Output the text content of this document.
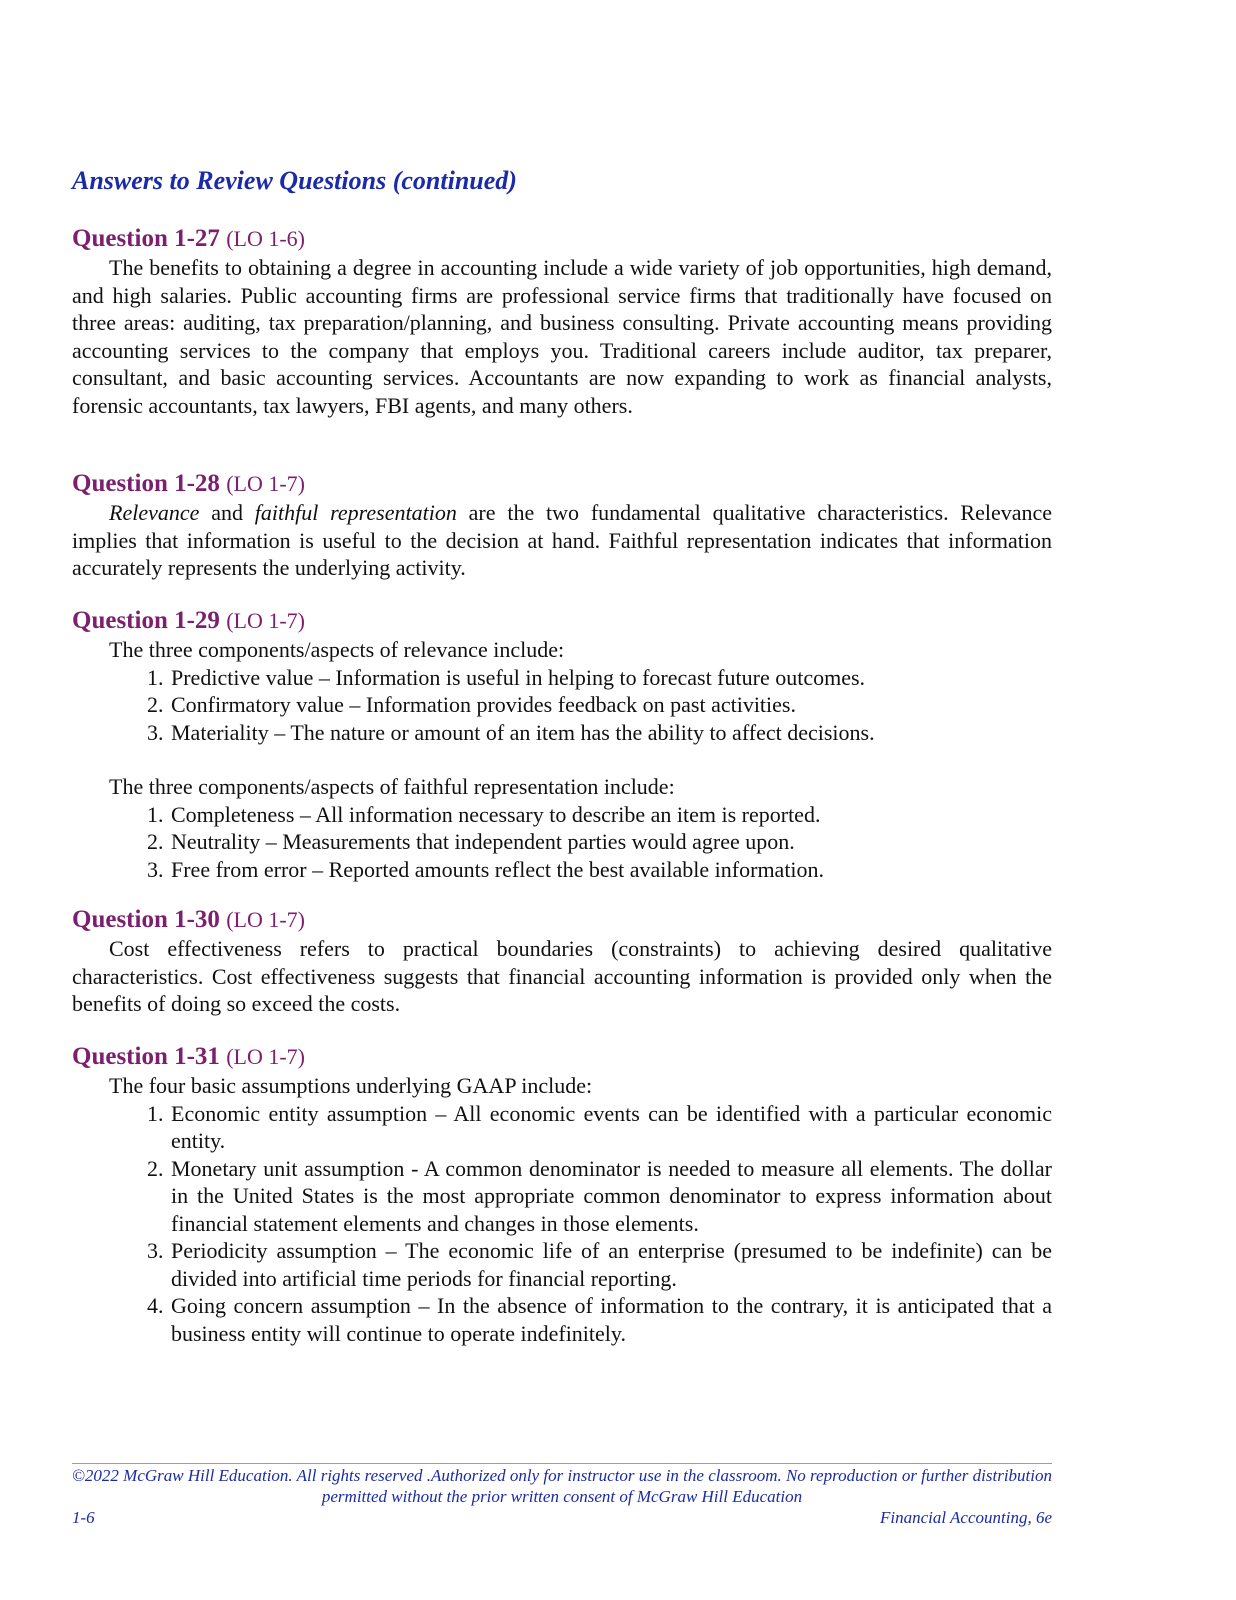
Answers to Review Questions (continued)

Question 1-27 (LO 1-6)

The benefits to obtaining a degree in accounting include a wide variety of job opportunities, high demand, and high salaries. Public accounting firms are professional service firms that traditionally have focused on three areas: auditing, tax preparation/planning, and business consulting. Private accounting means providing accounting services to the company that employs you. Traditional careers include auditor, tax preparer, consultant, and basic accounting services. Accountants are now expanding to work as financial analysts, forensic accountants, tax lawyers, FBI agents, and many others.

Question 1-28 (LO 1-7)

Relevance and faithful representation are the two fundamental qualitative characteristics. Relevance implies that information is useful to the decision at hand. Faithful representation indicates that information accurately represents the underlying activity.

Question 1-29 (LO 1-7)

The three components/aspects of relevance include:

1. Predictive value – Information is useful in helping to forecast future outcomes.
2. Confirmatory value – Information provides feedback on past activities.
3. Materiality – The nature or amount of an item has the ability to affect decisions.

The three components/aspects of faithful representation include:

1. Completeness – All information necessary to describe an item is reported.
2. Neutrality – Measurements that independent parties would agree upon.
3. Free from error – Reported amounts reflect the best available information.

Question 1-30 (LO 1-7)

Cost effectiveness refers to practical boundaries (constraints) to achieving desired qualitative characteristics. Cost effectiveness suggests that financial accounting information is provided only when the benefits of doing so exceed the costs.

Question 1-31 (LO 1-7)

The four basic assumptions underlying GAAP include:

1. Economic entity assumption – All economic events can be identified with a particular economic entity.
2. Monetary unit assumption - A common denominator is needed to measure all elements. The dollar in the United States is the most appropriate common denominator to express information about financial statement elements and changes in those elements.
3. Periodicity assumption – The economic life of an enterprise (presumed to be indefinite) can be divided into artificial time periods for financial reporting.
4. Going concern assumption – In the absence of information to the contrary, it is anticipated that a business entity will continue to operate indefinitely.

©2022 McGraw Hill Education. All rights reserved .Authorized only for instructor use in the classroom. No reproduction or further distribution permitted without the prior written consent of McGraw Hill Education

1-6	Financial Accounting, 6e
